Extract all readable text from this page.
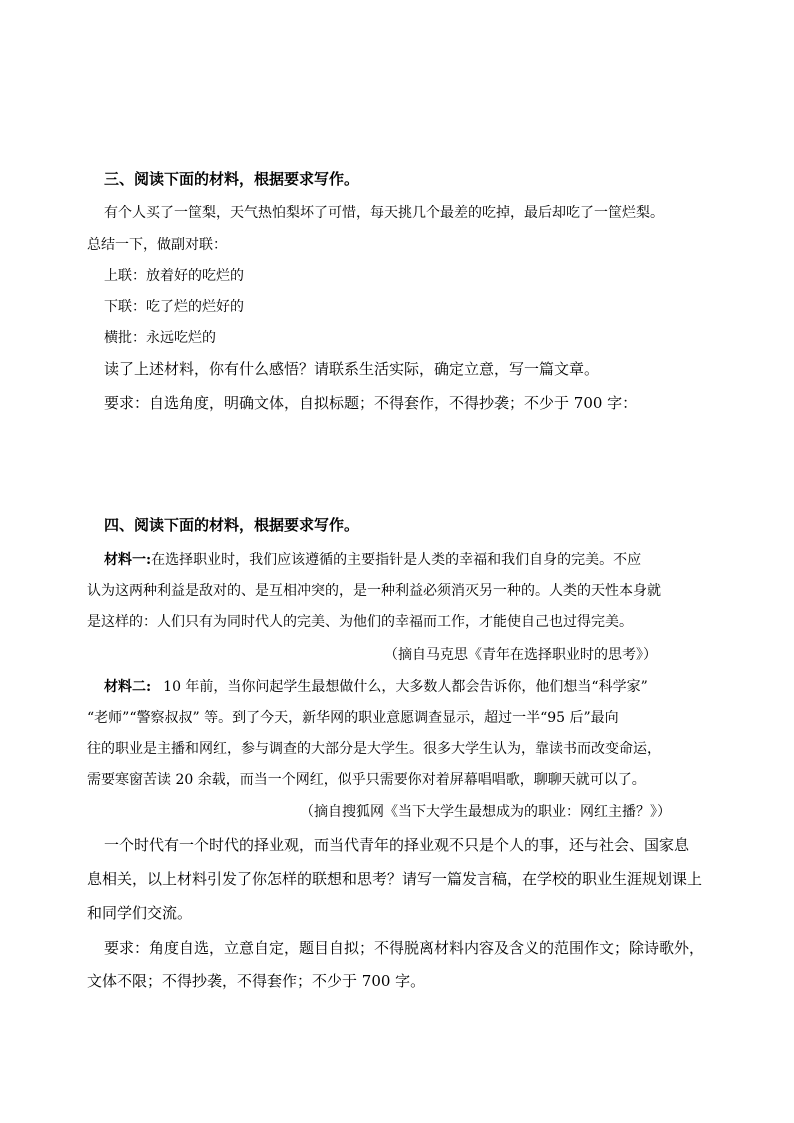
三、阅读下面的材料，根据要求写作。
有个人买了一筐梨，天气热怕梨坏了可惜，每天挑几个最差的吃掉，最后却吃了一筐烂梨。
总结一下，做副对联：
上联：放着好的吃烂的
下联：吃了烂的烂好的
横批：永远吃烂的
读了上述材料，你有什么感悟？请联系生活实际，确定立意，写一篇文章。
要求：自选角度，明确文体，自拟标题；不得套作，不得抄袭；不少于 700 字：
四、阅读下面的材料，根据要求写作。
材料一:在选择职业时，我们应该遵循的主要指针是人类的幸福和我们自身的完美。不应
认为这两种利益是敌对的、是互相冲突的，是一种利益必须消灭另一种的。人类的天性本身就
是这样的：人们只有为同时代人的完美、为他们的幸福而工作，才能使自己也过得完美。
（摘自马克思《青年在选择职业时的思考》）
材料二: 10 年前，当你问起学生最想做什么，大多数人都会告诉你，他们想当“科学家”
“老师”“警察叔叔” 等。到了今天，新华网的职业意愿调查显示，超过一半“95 后”最向
往的职业是主播和网红，参与调查的大部分是大学生。很多大学生认为，靠读书而改变命运，
需要寒窗苦读 20 余载，而当一个网红，似乎只需要你对着屏幕唱唱歌，聊聊天就可以了。
（摘自搜狐网《当下大学生最想成为的职业：网红主播？》）
一个时代有一个时代的择业观，而当代青年的择业观不只是个人的事，还与社会、国家息
息相关，以上材料引发了你怎样的联想和思考？请写一篇发言稿，在学校的职业生涯规划课上
和同学们交流。
要求：角度自选，立意自定，题目自拟；不得脱离材料内容及含义的范围作文；除诗歌外，
文体不限；不得抄袭，不得套作；不少于 700 字。
